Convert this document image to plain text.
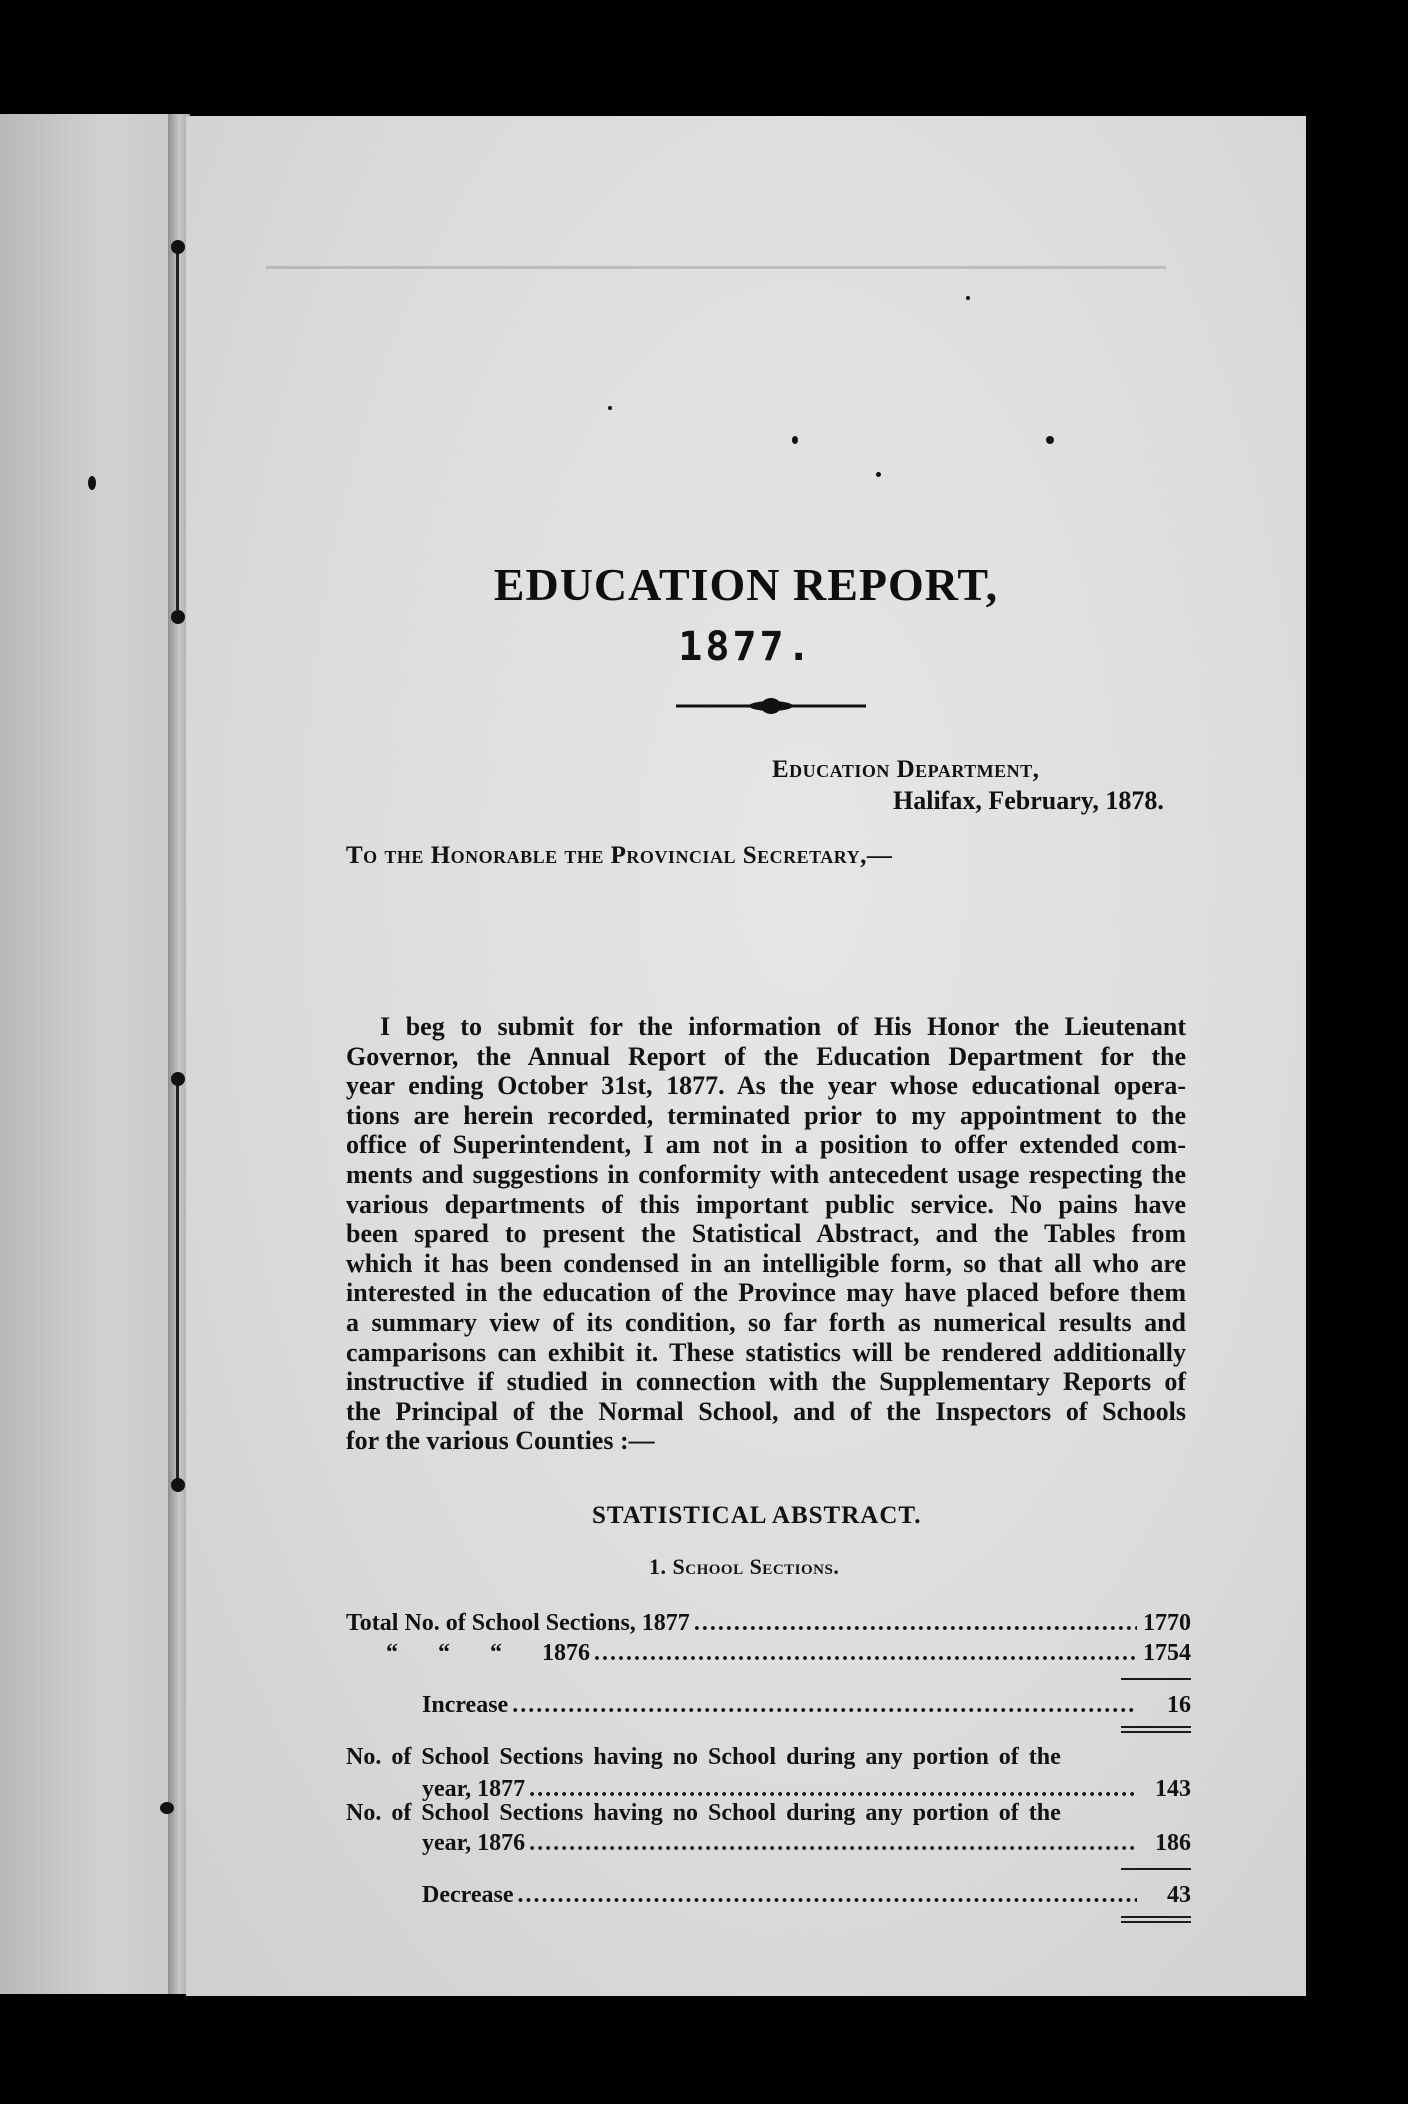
EDUCATION REPORT,
1877.
Education Department,
Halifax, February, 1878.
To the Honorable the Provincial Secretary,—
I beg to submit for the information of His Honor the Lieutenant
Governor, the Annual Report of the Education Department for the
year ending October 31st, 1877. As the year whose educational opera-
tions are herein recorded, terminated prior to my appointment to the
office of Superintendent, I am not in a position to offer extended com-
ments and suggestions in conformity with antecedent usage respecting the
various departments of this important public service. No pains have
been spared to present the Statistical Abstract, and the Tables from
which it has been condensed in an intelligible form, so that all who are
interested in the education of the Province may have placed before them
a summary view of its condition, so far forth as numerical results and
camparisons can exhibit it. These statistics will be rendered additionally
instructive if studied in connection with the Supplementary Reports of
the Principal of the Normal School, and of the Inspectors of Schools
for the various Counties :—
STATISTICAL ABSTRACT.
1. School Sections.
Total No. of School Sections, 1877 .....	1770
“ “ “ 1876 .....	1754
Increase .....	16
No. of School Sections having no School during any portion of the
year, 1877 .....	143
No. of School Sections having no School during any portion of the
year, 1876 .....	186
Decrease .....	43
